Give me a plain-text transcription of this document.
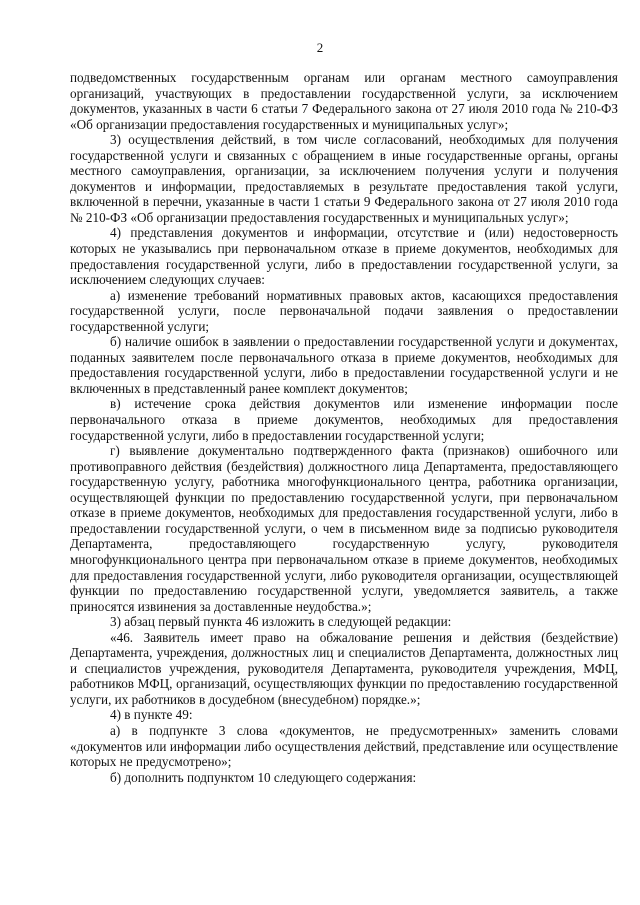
2

подведомственных государственным органам или органам местного самоуправления организаций, участвующих в предоставлении государственной услуги, за исключением документов, указанных в части 6 статьи 7 Федерального закона от 27 июля 2010 года № 210-ФЗ «Об организации предоставления государственных и муниципальных услуг»;

3) осуществления действий, в том числе согласований, необходимых для получения государственной услуги и связанных с обращением в иные государственные органы, органы местного самоуправления, организации, за исключением получения услуги и получения документов и информации, предоставляемых в результате предоставления такой услуги, включенной в перечни, указанные в части 1 статьи 9 Федерального закона от 27 июля 2010 года № 210-ФЗ «Об организации предоставления государственных и муниципальных услуг»;

4) представления документов и информации, отсутствие и (или) недостоверность которых не указывались при первоначальном отказе в приеме документов, необходимых для предоставления государственной услуги, либо в предоставлении государственной услуги, за исключением следующих случаев:

а) изменение требований нормативных правовых актов, касающихся предоставления государственной услуги, после первоначальной подачи заявления о предоставлении государственной услуги;

б) наличие ошибок в заявлении о предоставлении государственной услуги и документах, поданных заявителем после первоначального отказа в приеме документов, необходимых для предоставления государственной услуги, либо в предоставлении государственной услуги и не включенных в представленный ранее комплект документов;

в) истечение срока действия документов или изменение информации после первоначального отказа в приеме документов, необходимых для предоставления государственной услуги, либо в предоставлении государственной услуги;

г) выявление документально подтвержденного факта (признаков) ошибочного или противоправного действия (бездействия) должностного лица Департамента, предоставляющего государственную услугу, работника многофункционального центра, работника организации, осуществляющей функции по предоставлению государственной услуги, при первоначальном отказе в приеме документов, необходимых для предоставления государственной услуги, либо в предоставлении государственной услуги, о чем в письменном виде за подписью руководителя Департамента, предоставляющего государственную услугу, руководителя многофункционального центра при первоначальном отказе в приеме документов, необходимых для предоставления государственной услуги, либо руководителя организации, осуществляющей функции по предоставлению государственной услуги, уведомляется заявитель, а также приносятся извинения за доставленные неудобства.»;

3) абзац первый пункта 46 изложить в следующей редакции:

«46. Заявитель имеет право на обжалование решения и действия (бездействие) Департамента, учреждения, должностных лиц и специалистов Департамента, должностных лиц и специалистов учреждения, руководителя Департамента, руководителя учреждения, МФЦ, работников МФЦ, организаций, осуществляющих функции по предоставлению государственной услуги, их работников в досудебном (внесудебном) порядке.»;

4) в пункте 49:

а) в подпункте 3 слова «документов, не предусмотренных» заменить словами «документов или информации либо осуществления действий, представление или осуществление которых не предусмотрено»;

б) дополнить подпунктом 10 следующего содержания:
